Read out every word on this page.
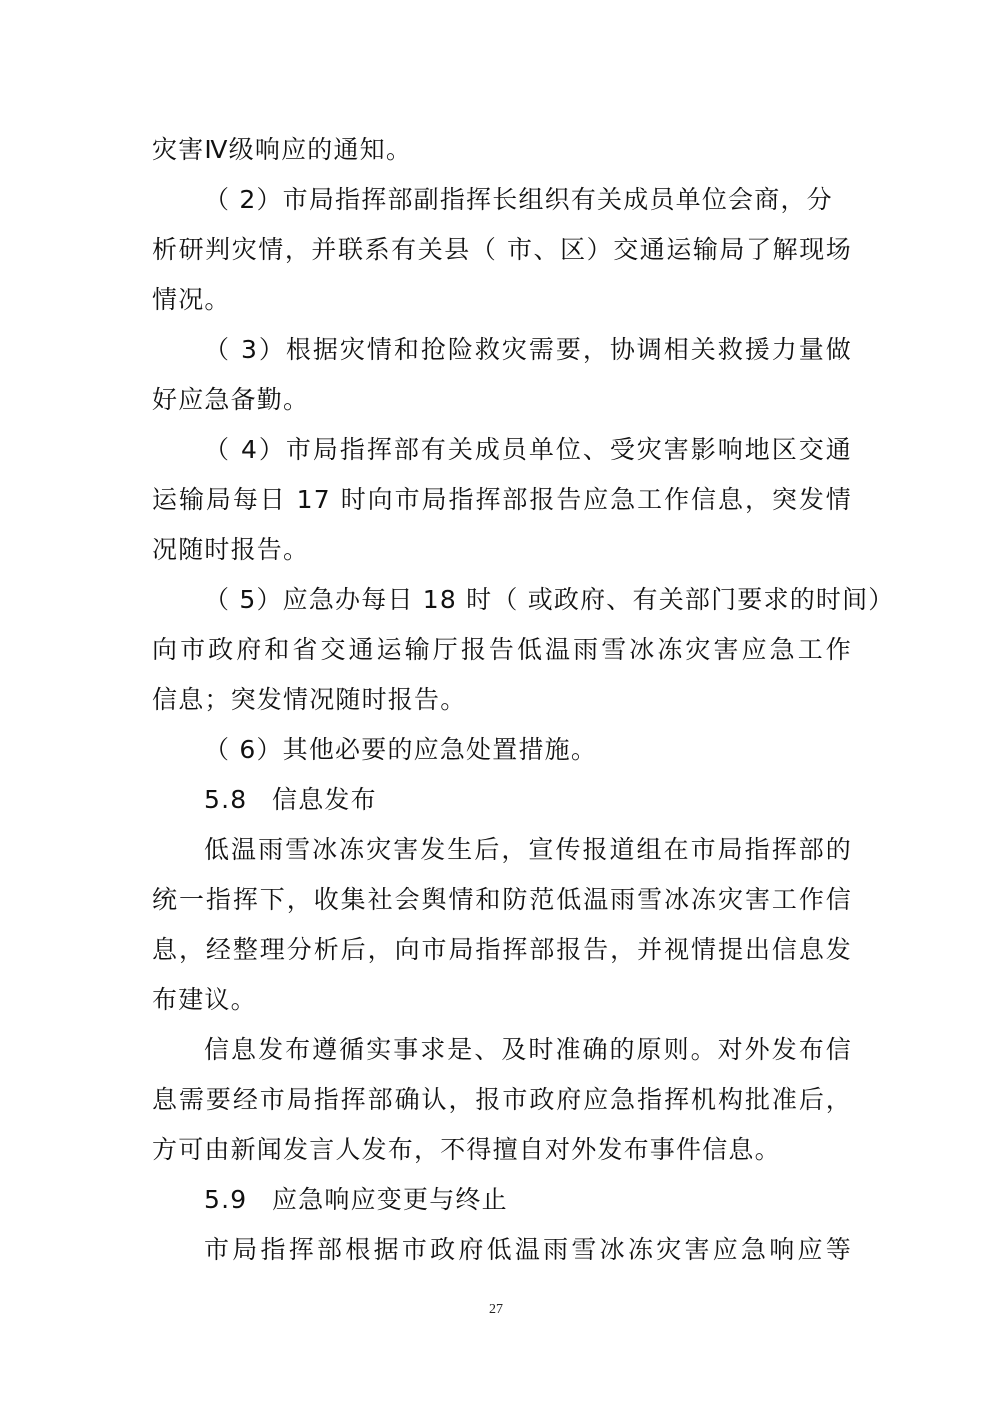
灾害Ⅳ级响应的通知。
（ 2）市局指挥部副指挥长组织有关成员单位会商，分
析研判灾情，并联系有关县（ 市、区）交通运输局了解现场
情况。
（ 3）根据灾情和抢险救灾需要，协调相关救援力量做
好应急备勤。
（ 4）市局指挥部有关成员单位、受灾害影响地区交通
运输局每日 17 时向市局指挥部报告应急工作信息，突发情
况随时报告。
（ 5）应急办每日 18 时（ 或政府、有关部门要求的时间）
向市政府和省交通运输厅报告低温雨雪冰冻灾害应急工作
信息；突发情况随时报告。
（ 6）其他必要的应急处置措施。
5.8 信息发布
低温雨雪冰冻灾害发生后，宣传报道组在市局指挥部的
统一指挥下，收集社会舆情和防范低温雨雪冰冻灾害工作信
息，经整理分析后，向市局指挥部报告，并视情提出信息发
布建议。
信息发布遵循实事求是、及时准确的原则。对外发布信
息需要经市局指挥部确认，报市政府应急指挥机构批准后，
方可由新闻发言人发布，不得擅自对外发布事件信息。
5.9 应急响应变更与终止
市局指挥部根据市政府低温雨雪冰冻灾害应急响应等
27
